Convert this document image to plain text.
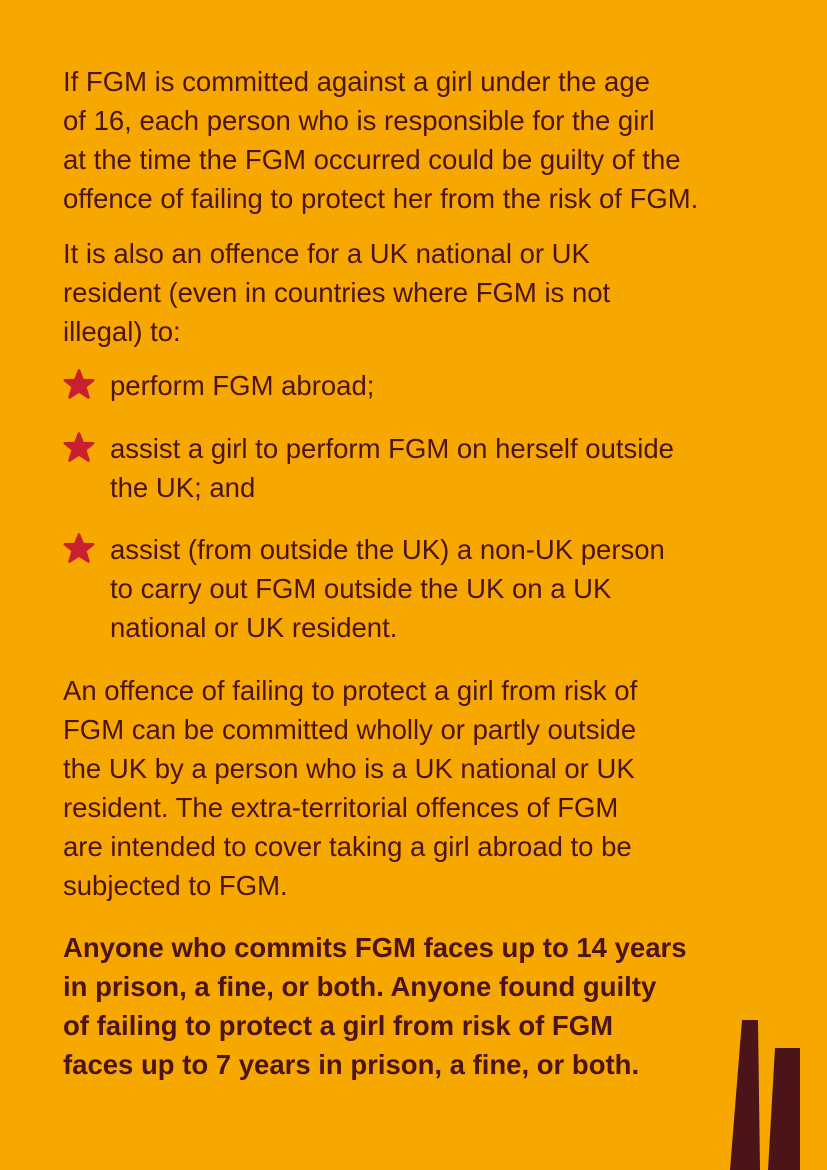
If FGM is committed against a girl under the age
of 16, each person who is responsible for the girl
at the time the FGM occurred could be guilty of the
offence of failing to protect her from the risk of FGM.

It is also an offence for a UK national or UK
resident (even in countries where FGM is not
illegal) to:

perform FGM abroad;
assist a girl to perform FGM on herself outside
the UK; and
assist (from outside the UK) a non-UK person
to carry out FGM outside the UK on a UK
national or UK resident.

An offence of failing to protect a girl from risk of
FGM can be committed wholly or partly outside
the UK by a person who is a UK national or UK
resident. The extra-territorial offences of FGM
are intended to cover taking a girl abroad to be
subjected to FGM.

Anyone who commits FGM faces up to 14 years
in prison, a fine, or both. Anyone found guilty
of failing to protect a girl from risk of FGM
faces up to 7 years in prison, a fine, or both.
